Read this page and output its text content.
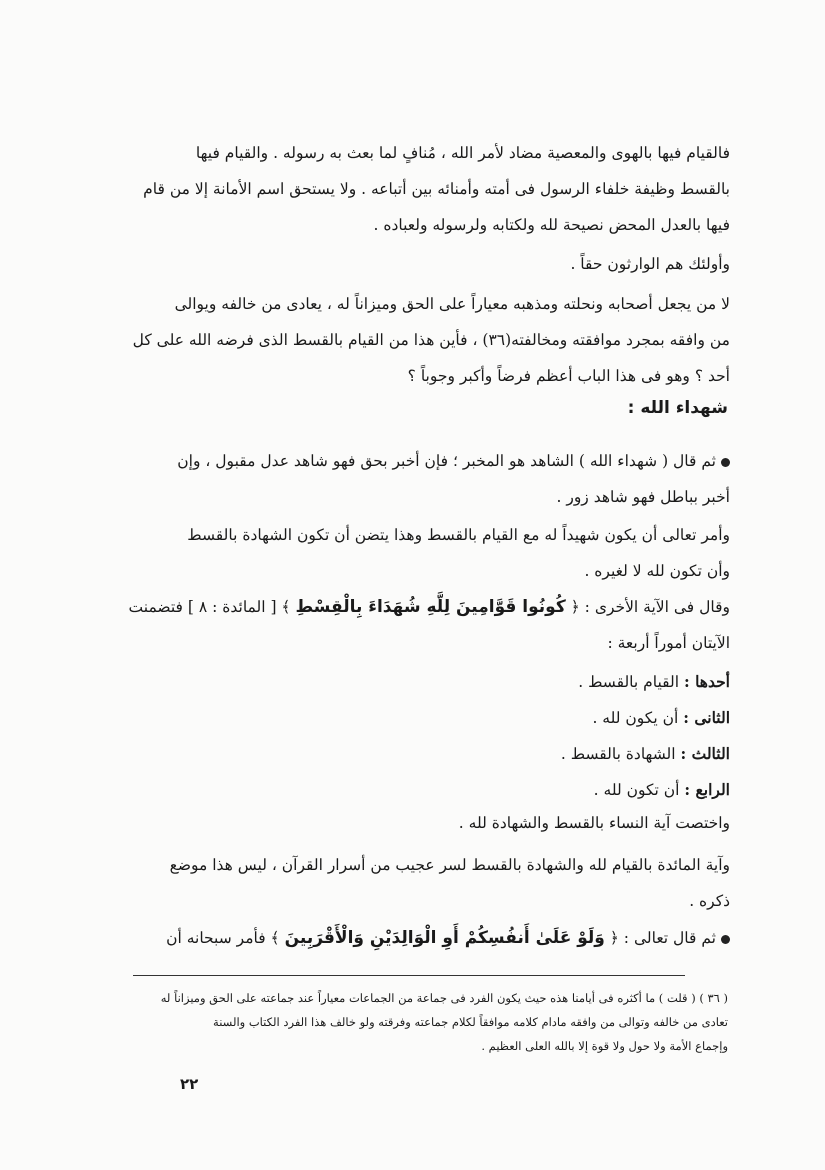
فالقيام فيها بالهوى والمعصية مضاد لأمر الله ، مُنافٍ لما بعث به رسوله . والقيام فيها

بالقسط وظيفة خلفاء الرسول فى أمته وأمنائه بين أتباعه . ولا يستحق اسم الأمانة إلا من قام

فيها بالعدل المحض نصيحة لله ولكتابه ولرسوله ولعباده .

وأولئك هم الوارثون حقاً .

لا من يجعل أصحابه ونحلته ومذهبه معياراً على الحق وميزاناً له ، يعادى من خالفه ويوالى

من وافقه بمجرد موافقته ومخالفته(٣٦) ، فأين هذا من القيام بالقسط الذى فرضه الله على كل

أحد ؟ وهو فى هذا الباب أعظم فرضاً وأكبر وجوباً ؟

شهداء الله :

ثم قال ( شهداء الله ) الشاهد هو المخبر ؛ فإن أخبر بحق فهو شاهد عدل مقبول ، وإن

أخبر بباطل فهو شاهد زور .

وأمر تعالى أن يكون شهيداً له مع القيام بالقسط وهذا يتضن أن تكون الشهادة بالقسط

وأن تكون لله لا لغيره .

وقال فى الآية الأخرى : ﴿ كُونُوا قَوَّامِينَ لِلَّهِ شُهَدَاءَ بِالْقِسْطِ ﴾ [ المائدة : ٨ ] فتضمنت

الآيتان أموراً أربعة :

أحدها : القيام بالقسط .

الثانى : أن يكون لله .

الثالث : الشهادة بالقسط .

الرابع : أن تكون لله .

واختصت آية النساء بالقسط والشهادة لله .

وآية المائدة بالقيام لله والشهادة بالقسط لسر عجيب من أسرار القرآن ، ليس هذا موضع

ذكره .

ثم قال تعالى : ﴿ وَلَوْ عَلَىٰ أَنفُسِكُمْ أَوِ الْوَالِدَيْنِ وَالْأَقْرَبِينَ ﴾ فأمر سبحانه أن

( ٣٦ ) ( قلت ) ما أكثره فى أيامنا هذه حيث يكون الفرد فى جماعة من الجماعات معياراً عند جماعته على الحق وميزاناً له

تعادى من خالفه وتوالى من وافقه مادام كلامه موافقاً لكلام جماعته وفرقته ولو خالف هذا الفرد الكتاب والسنة

وإجماع الأمة ولا حول ولا قوة إلا بالله العلى العظيم .

٢٢
